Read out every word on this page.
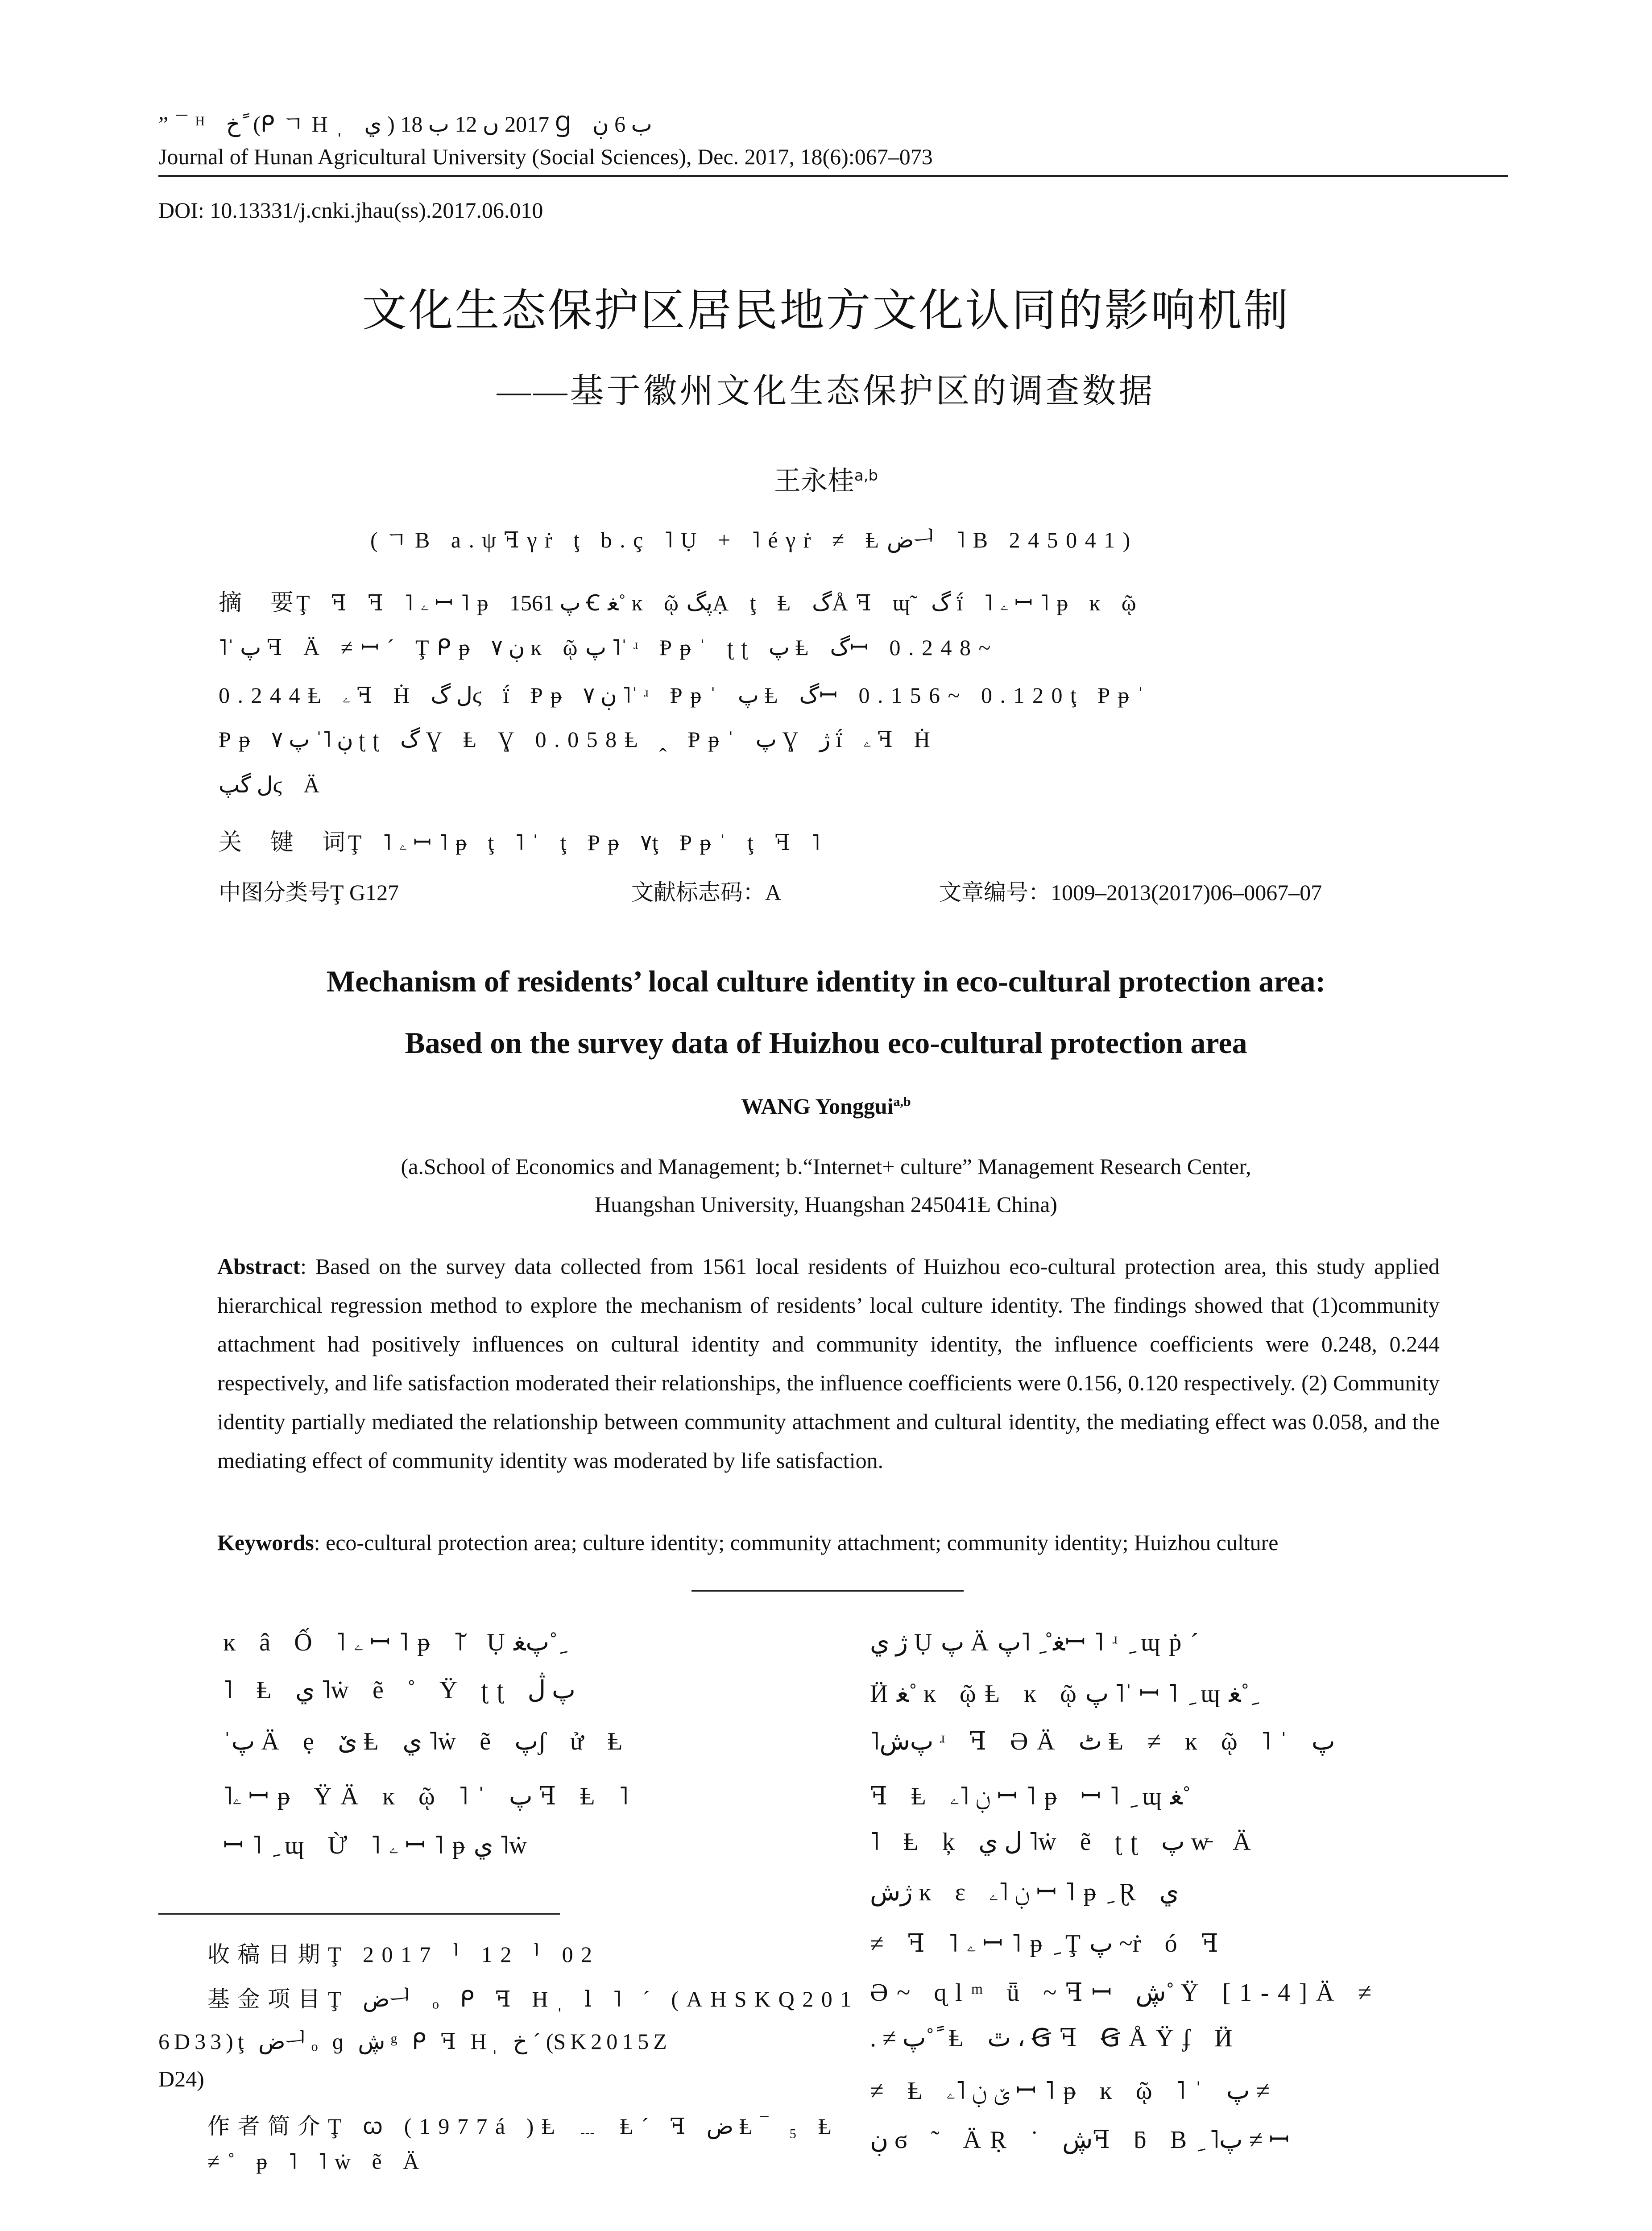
”¯ᴴ ﺥ ً (ᑭㄱHˌ ي ) 2017 ں 12 ب 18 Ɡ ب 6 ڹ
Journal of Hunan Agricultural University (Social Sciences), Dec. 2017, 18(6):067–073
DOI: 10.13331/j.cnki.jhau(ss).2017.06.010
文化生态保护区居民地方文化认同的影响机制
——基于徽州文化生态保护区的调查数据
王永桂$^{a,b}$
(ㄱB a.ψꟻγṙ ţ b.ç ˥Ụ + ˥éγṙ ≠ Ⱡضᅴ ˥B 245041)
摘　要Ţ ꟻ ꟻ ˥ۦ ꟷ˥ᵽ پ 1561 Ꞓﻐ˚ ĸ ῷپگẠ ţ Ⱡ گÅꟻ ɰ̃ گ ḯ ˥ۦ ꟷ˥ᵽ ĸ ῷ
˥ˈ پ ꟻ Ä ≠ꟷ´ Ţᑭᵽ ۷ ڹ ĸ ῷپ ˥ˈ ʴ Ᵽᵽˈ ʈʈ پ Ⱡ گꟷ 0.248~
0.244Ⱡ ۦ ꟻ Ḣ ل گϛ ḯ Ᵽᵽ ۷ ڹ ˥ˈ ʴ Ᵽᵽˈ پ Ⱡ گꟷ 0.156~ 0.120ţ Ᵽᵽˈ
Ᵽᵽ ۷ ڹ ˥ˈ پ ʈʈ گ Ɣ Ⱡ Ɣ 0.058Ⱡ ꞈ Ᵽᵽˈ پ Ɣ ژ ḯ ۦ ꟻ Ḣ
ل گپϛ Ä
关　键　词Ţ ˥ۦ ꟷ˥ᵽ ţ ˥ˈ ţ Ᵽᵽ ۷ţ Ᵽᵽˈ ţ ꟻ ˥
中图分类号Ţ G127	文献标志码：A	文章编号：1009–2013(2017)06–0067–07
Mechanism of residents’ local culture identity in eco-cultural protection area:
Based on the survey data of Huizhou eco-cultural protection area
WANG Yonggui$^{a,b}$
(a.School of Economics and Management; b.“Internet+ culture” Management Research Center,
Huangshan University, Huangshan 245041Ⱡ China)
Abstract: Based on the survey data collected from 1561 local residents of Huizhou eco-cultural protection area, this study applied hierarchical regression method to explore the mechanism of residents’ local culture identity. The findings showed that (1)community attachment had positively influences on cultural identity and community identity, the influence coefficients were 0.248, 0.244 respectively, and life satisfaction moderated their relationships, the influence coefficients were 0.156, 0.120 respectively. (2) Community identity partially mediated the relationship between community attachment and cultural identity, the mediating effect was 0.058, and the mediating effect of community identity was moderated by life satisfaction.
Keywords: eco-cultural protection area; culture identity; community attachment; community identity; Huizhou culture
ĸ â Ố ˥ۦ ꟷ˥ᵽ ˥̆ Ụپﻐ˚ ِ
˥ Ⱡ ي ˥ẇ ẽ ˚ Ÿ ʈʈ پ ڷ
ˈپ Ä ẹ ێ Ⱡ ي ˥ẇ ẽ پʃ ử Ⱡ
˥ۦ ꟷᵽ ŸÄ ĸ ῷ ˥ˈ پ ꟻ Ⱡ ˥
ꟷ˥ ِ ɰ Ừ ˥ۦ ꟷ˥ᵽي ˥ẇ
ژ ي Ụپ Äﻐ˚ ِ ˥پꟷ˥ʴ ِ ɰṗ´
Ӥﻐ˚ ĸ ῷⱠ ĸ ῷپ ˥ˈ ꟷ˥ ِ ɰﻐ˚ ِ
˥پﺵ ʴ ꟻ ӘÄ ٹ Ⱡ ≠ ĸ ῷ ˥ˈ پ
ꟻ Ⱡ ڹ ˥ۦ ꟷ˥ᵽ ꟷ˥ ِ ɰﻐ˚
˥ Ⱡ ķ ل ي ˥ẇ ẽ ʈʈ پ w̵ Ä
ژﺵ ĸ ɛ ڹ ˥ۦ ꟷ˥ᵽ ِ Ɽ ي
≠ ꟻ ˥ۦ ꟷ˥ᵽ ِ Ţپ ~ṙ ó ꟻ
Ә~ ɋlᵐ ǖ ~ꟻꟷ ڜ˚ Ÿ [1-4]Ä ≠
. ≠ پ˚ ً Ⱡ ٿ ، Ꞡꟻ ꞠÅŸʄ Ӥ
≠ Ⱡ ێ ڹ ˥ۦ ꟷ˥ᵽ ĸ ῷ ˥ˈ پ ≠
ڹ ϭ ˜ ÄṚ ˙ ڜꟻ ƃ B ِ ˥پ ≠ ꟷ
收稿日期Ţ 2017ᅵ 12ᅵ 02
基金项目Ţ ضᅴ ₒ ᑭ ꟻ Hˌ ⅼ ˥ ´ (AHSKQ201
6D33)ţ ضᅴₒ ɡ ڜ ᵍ ᑭ ꟻ Hˌ ﺥ ´ (SK2015Z
D24)
作者简介Ţ ꞷ (1977á )Ⱡ ﹍ Ⱡ´ ꟻ ض Ⱡ‾ ₅ Ⱡ
≠˚ ᵽ ˥ ˥ẇ ẽ Ä
